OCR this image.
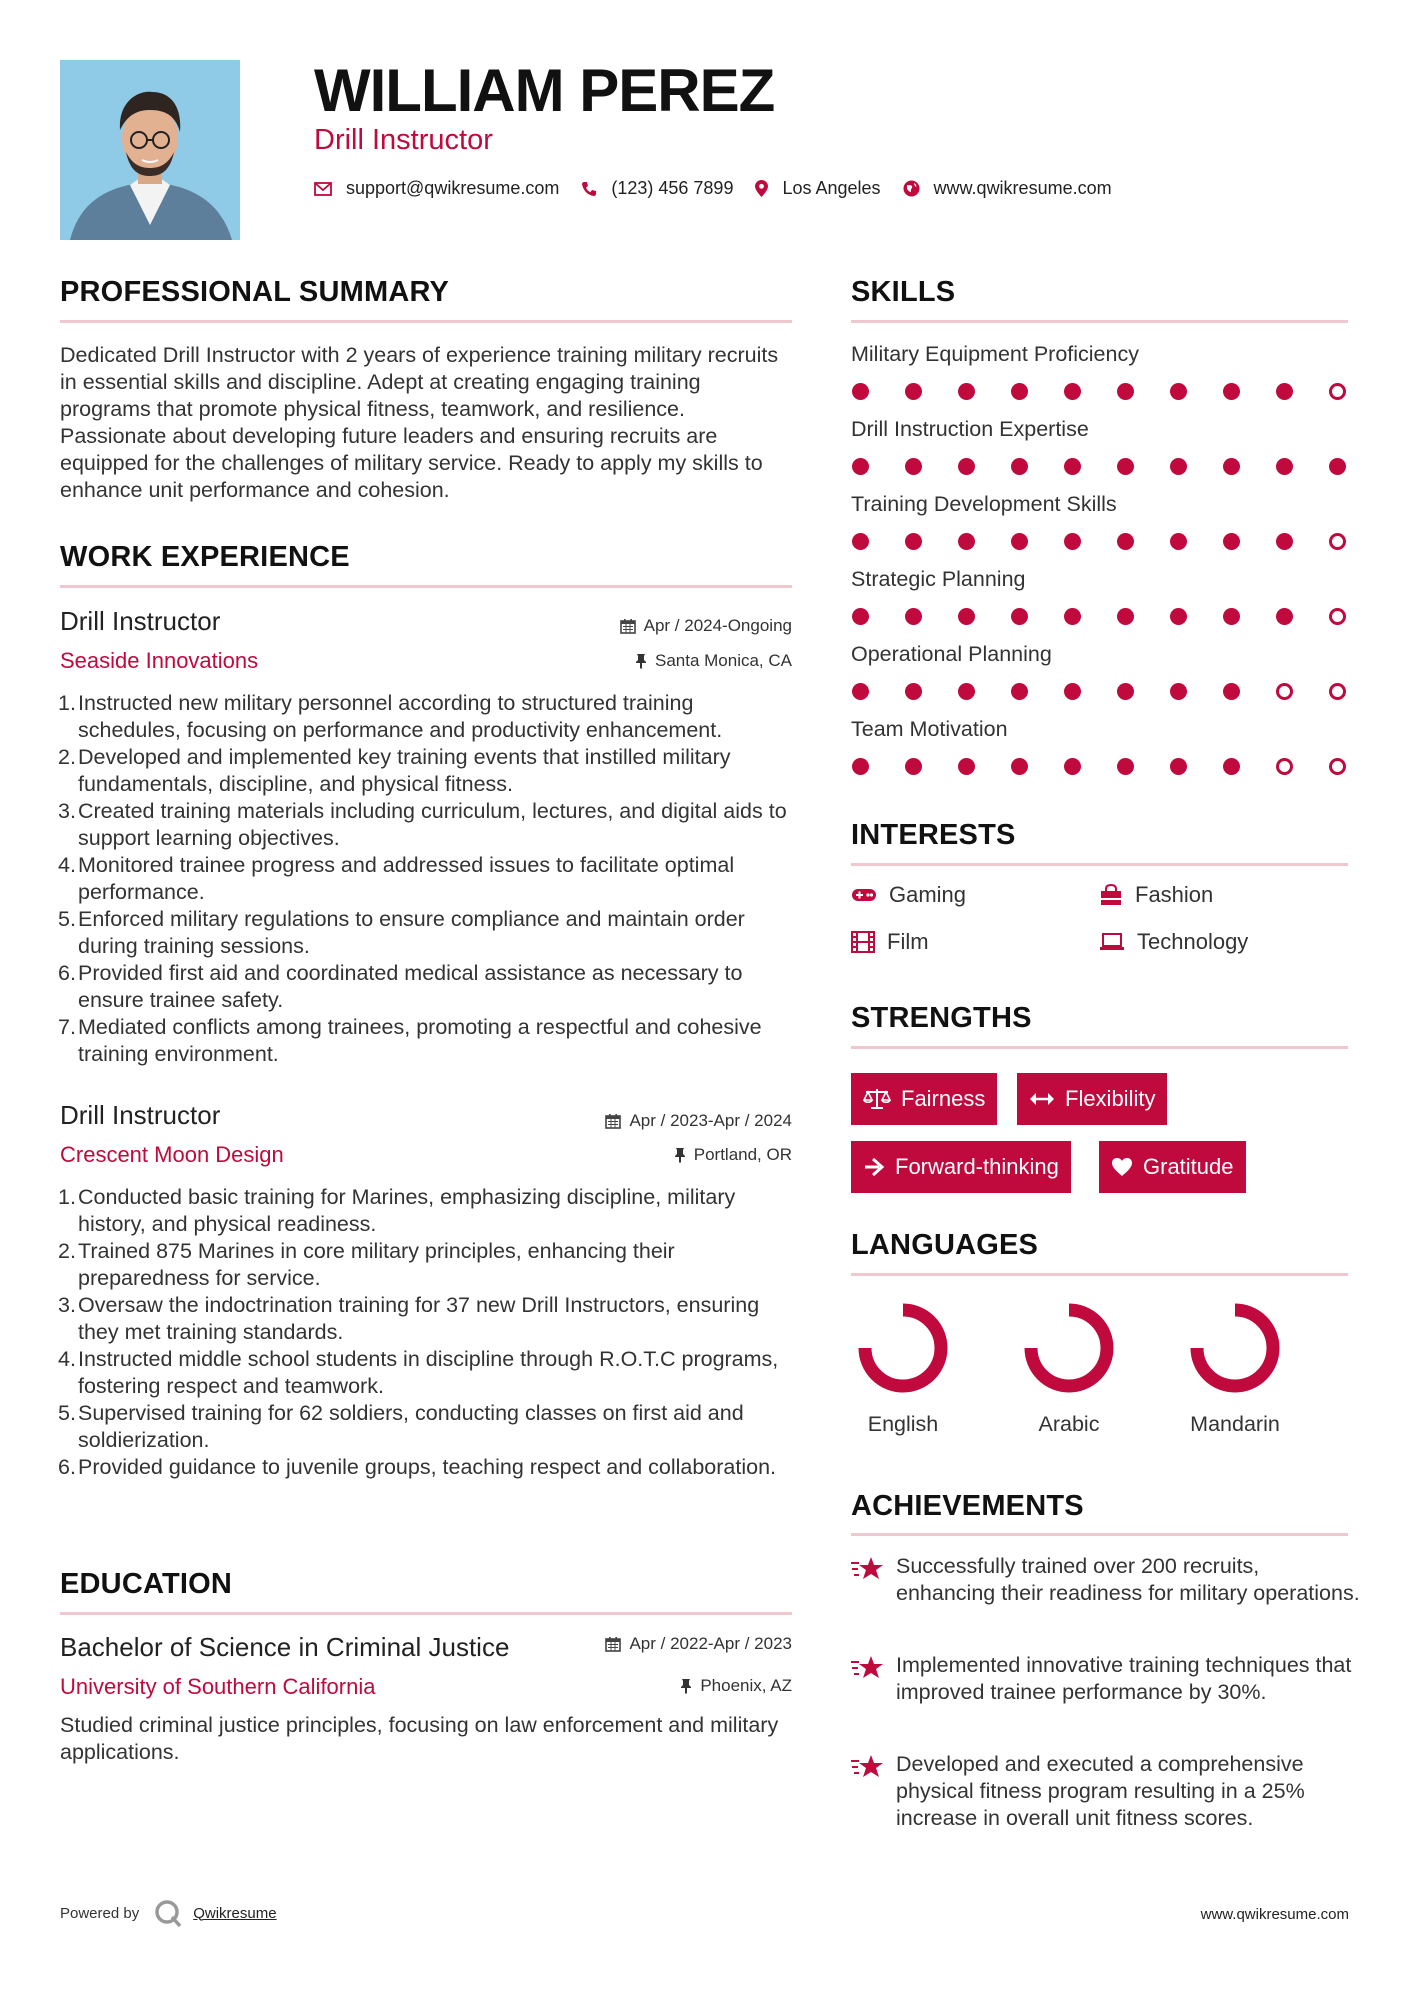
WILLIAM PEREZ
Drill Instructor
support@qwikresume.com	(123) 456 7899	Los Angeles	www.qwikresume.com
PROFESSIONAL SUMMARY
Dedicated Drill Instructor with 2 years of experience training military recruits in essential skills and discipline. Adept at creating engaging training programs that promote physical fitness, teamwork, and resilience. Passionate about developing future leaders and ensuring recruits are equipped for the challenges of military service. Ready to apply my skills to enhance unit performance and cohesion.
WORK EXPERIENCE
Drill Instructor	Apr / 2024-Ongoing
Seaside Innovations	Santa Monica, CA
Instructed new military personnel according to structured training schedules, focusing on performance and productivity enhancement.
Developed and implemented key training events that instilled military fundamentals, discipline, and physical fitness.
Created training materials including curriculum, lectures, and digital aids to support learning objectives.
Monitored trainee progress and addressed issues to facilitate optimal performance.
Enforced military regulations to ensure compliance and maintain order during training sessions.
Provided first aid and coordinated medical assistance as necessary to ensure trainee safety.
Mediated conflicts among trainees, promoting a respectful and cohesive training environment.
Drill Instructor	Apr / 2023-Apr / 2024
Crescent Moon Design	Portland, OR
Conducted basic training for Marines, emphasizing discipline, military history, and physical readiness.
Trained 875 Marines in core military principles, enhancing their preparedness for service.
Oversaw the indoctrination training for 37 new Drill Instructors, ensuring they met training standards.
Instructed middle school students in discipline through R.O.T.C programs, fostering respect and teamwork.
Supervised training for 62 soldiers, conducting classes on first aid and soldierization.
Provided guidance to juvenile groups, teaching respect and collaboration.
EDUCATION
Bachelor of Science in Criminal Justice	Apr / 2022-Apr / 2023
University of Southern California	Phoenix, AZ
Studied criminal justice principles, focusing on law enforcement and military applications.
SKILLS
Military Equipment Proficiency
Drill Instruction Expertise
Training Development Skills
Strategic Planning
Operational Planning
Team Motivation
INTERESTS
Gaming	Fashion
Film	Technology
STRENGTHS
Fairness	Flexibility
Forward-thinking	Gratitude
LANGUAGES
English	Arabic	Mandarin
ACHIEVEMENTS
Successfully trained over 200 recruits, enhancing their readiness for military operations.
Implemented innovative training techniques that improved trainee performance by 30%.
Developed and executed a comprehensive physical fitness program resulting in a 25% increase in overall unit fitness scores.
Powered by	Qwikresume	www.qwikresume.com
